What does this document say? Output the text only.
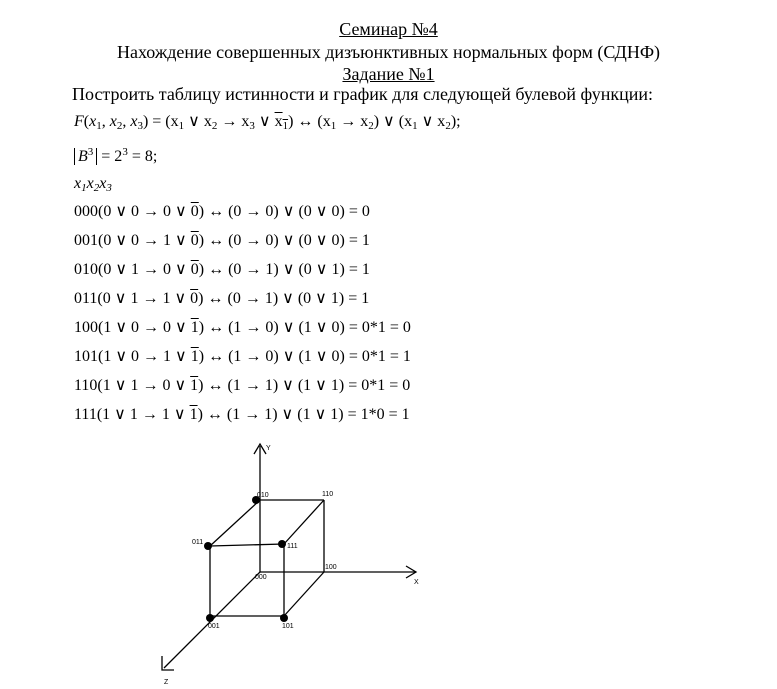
Семинар №4
Нахождение совершенных дизъюнктивных нормальных форм (СДНФ)
Задание №1
Построить таблицу истинности и график для следующей булевой функции:
$F(x_1$, $x_2$, $x_3) = (x_1$ ∨ $x_2 \to x_3$ ∨ $x_1$) ↔ $(x_1 \to x_2)$ ∨ ($x_1$ ∨ $x_2$);
$B^3 = 2^3 = 8$;
$x_1x_2x_3$
000(0 ∨ 0 → 0 ∨ 0) ↔ (0 → 0) ∨ (0 ∨ 0) = 0
001(0 ∨ 0 → 1 ∨ 0) ↔ (0 → 0) ∨ (0 ∨ 0) = 1
010(0 ∨ 1 → 0 ∨ 0) ↔ (0 → 1) ∨ (0 ∨ 1) = 1
011(0 ∨ 1 → 1 ∨ 0) ↔ (0 → 1) ∨ (0 ∨ 1) = 1
100(1 ∨ 0 → 0 ∨ 1) ↔ (1 → 0) ∨ (1 ∨ 0) = 0*1 = 0
101(1 ∨ 0 → 1 ∨ 1) ↔ (1 → 0) ∨ (1 ∨ 0) = 0*1 = 1
110(1 ∨ 1 → 0 ∨ 1) ↔ (1 → 1) ∨ (1 ∨ 1) = 0*1 = 0
111(1 ∨ 1 → 1 ∨ 1) ↔ (1 → 1) ∨ (1 ∨ 1) = 1*0 = 1
Y
X
Z
010	110
011
111
000
100
001	101
